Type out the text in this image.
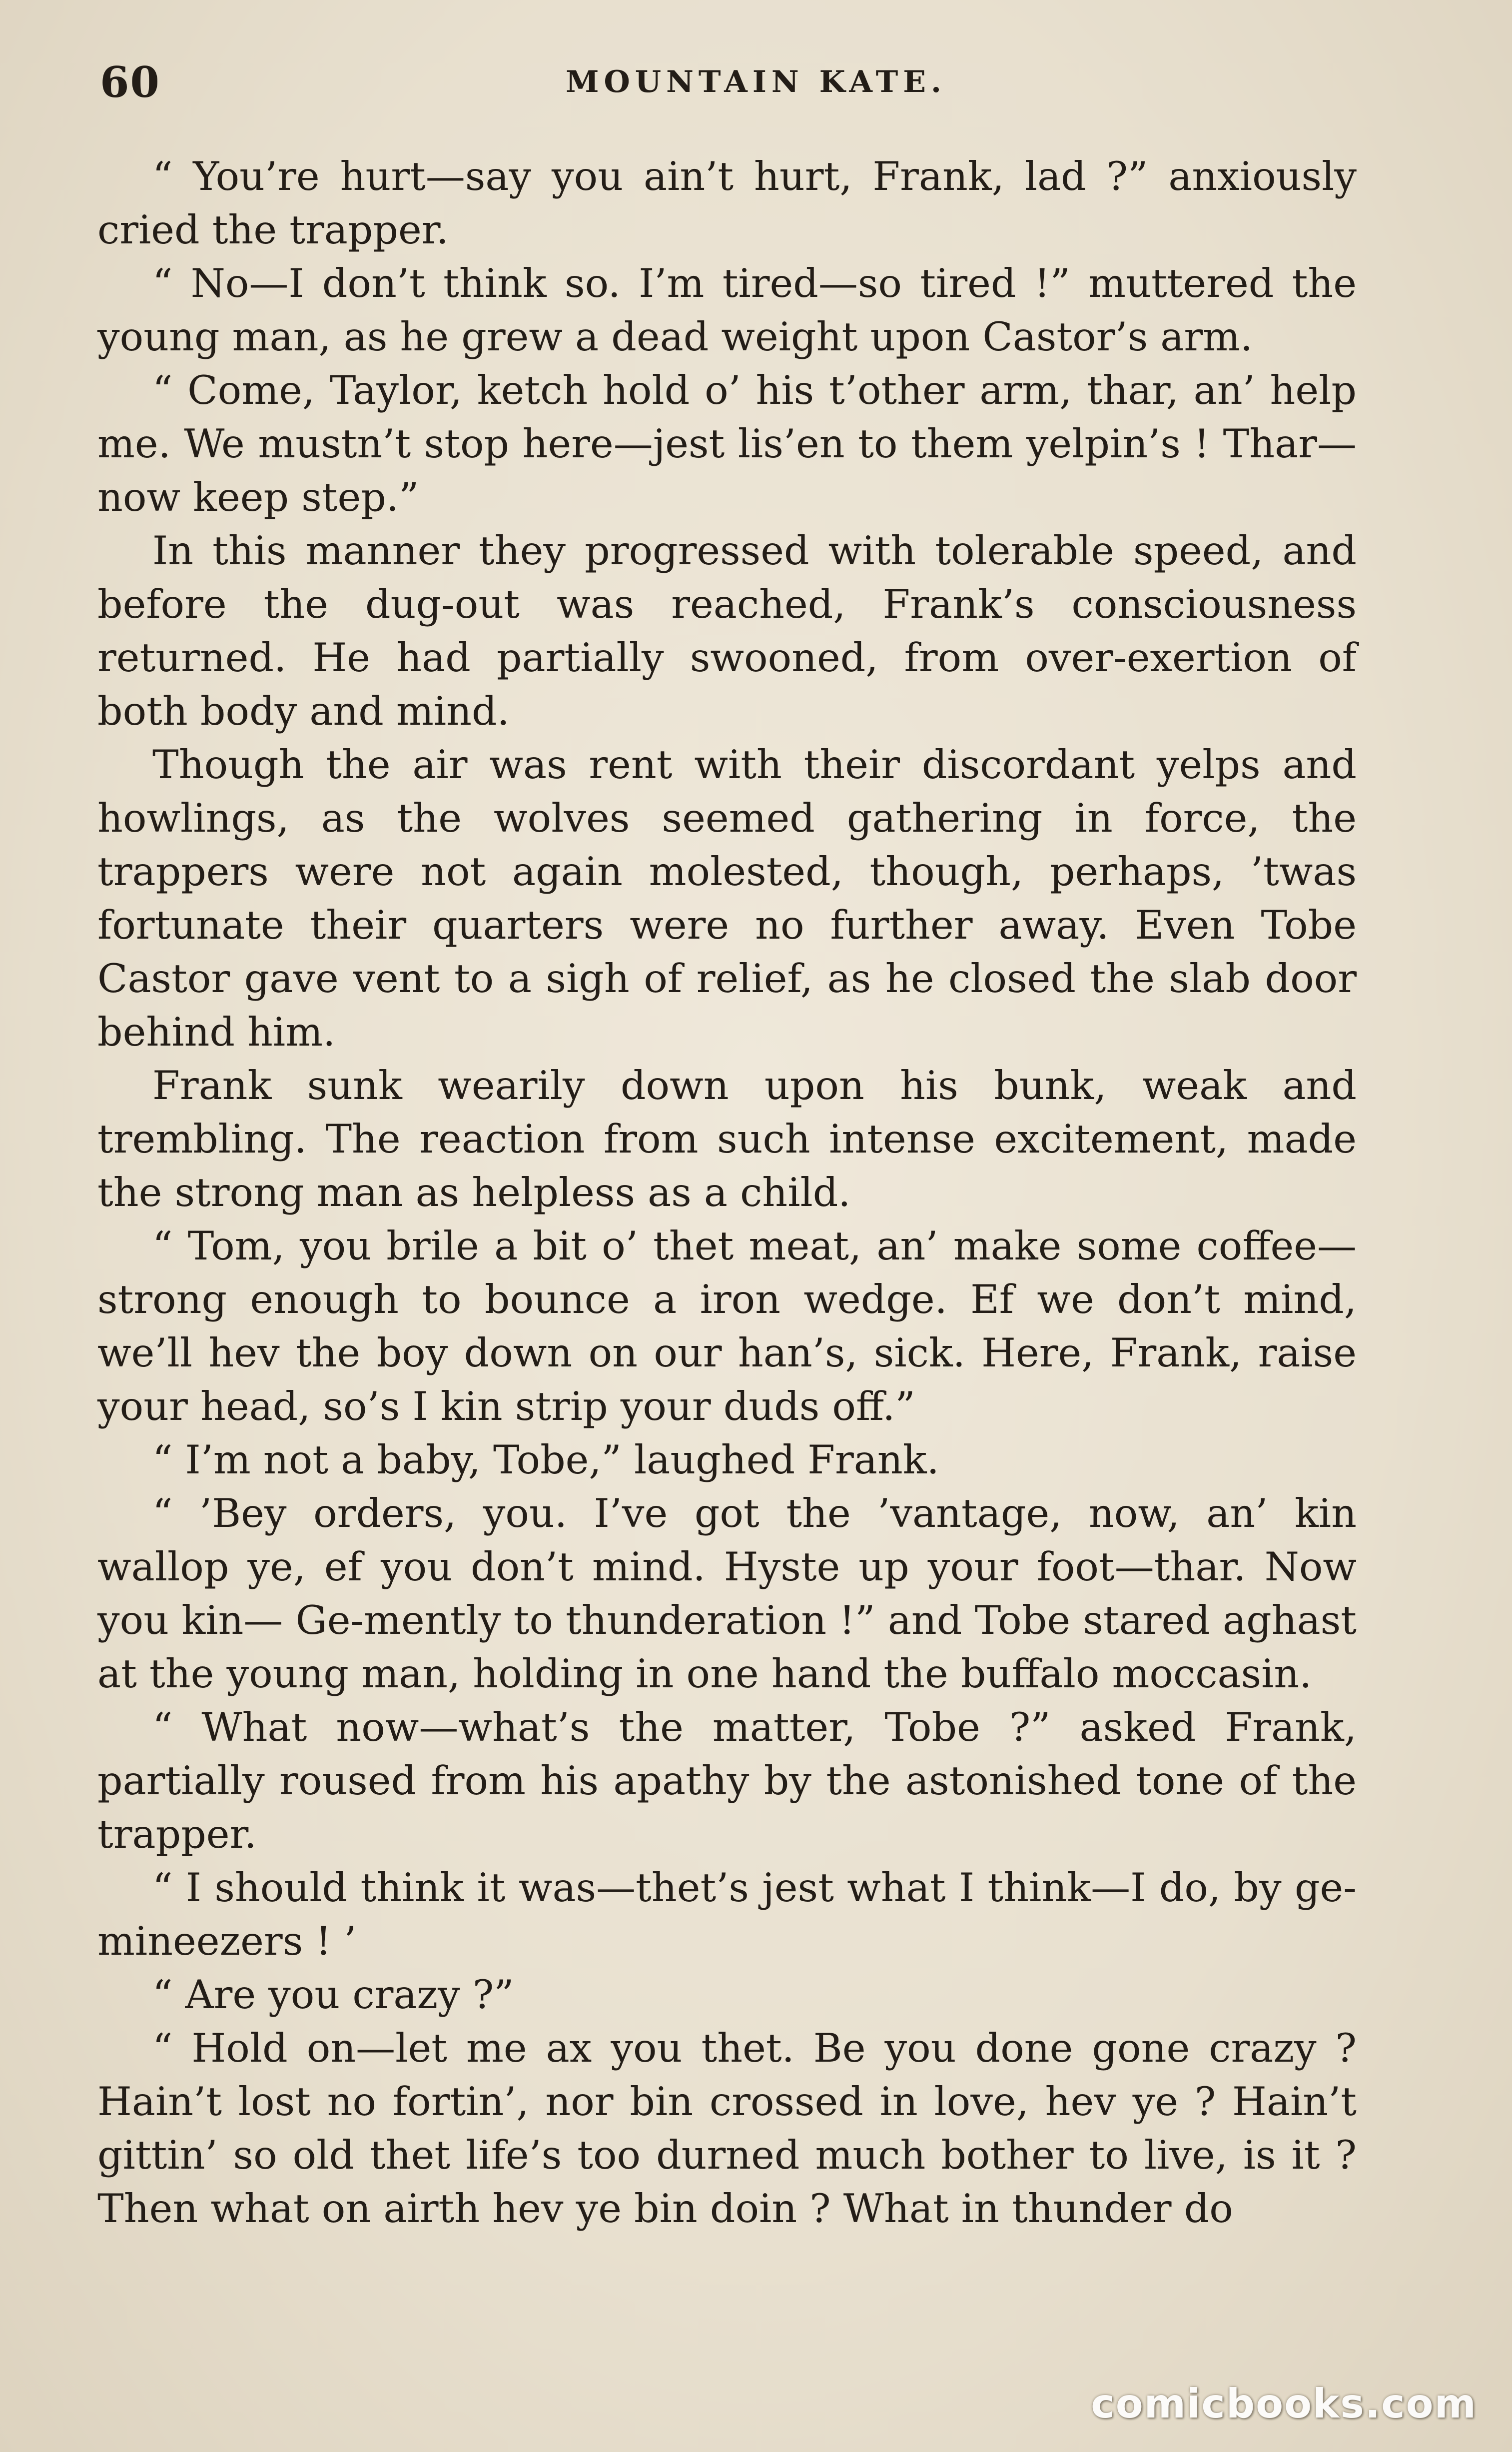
60	MOUNTAIN KATE.

“ You’re hurt—say you ain’t hurt, Frank, lad ?” anxiously cried the trapper.

“ No—I don’t think so. I’m tired—so tired !” muttered the young man, as he grew a dead weight upon Castor’s arm.

“ Come, Taylor, ketch hold o’ his t’other arm, thar, an’ help me. We mustn’t stop here—jest lis’en to them yelpin’s ! Thar—now keep step.”

In this manner they progressed with tolerable speed, and before the dug-out was reached, Frank’s consciousness returned. He had partially swooned, from over-exertion of both body and mind.

Though the air was rent with their discordant yelps and howlings, as the wolves seemed gathering in force, the trappers were not again molested, though, perhaps, ’twas fortunate their quarters were no further away. Even Tobe Castor gave vent to a sigh of relief, as he closed the slab door behind him.

Frank sunk wearily down upon his bunk, weak and trembling. The reaction from such intense excitement, made the strong man as helpless as a child.

“ Tom, you brile a bit o’ thet meat, an’ make some coffee—strong enough to bounce a iron wedge. Ef we don’t mind, we’ll hev the boy down on our han’s, sick. Here, Frank, raise your head, so’s I kin strip your duds off.”

“ I’m not a baby, Tobe,” laughed Frank.

“ ’Bey orders, you. I’ve got the ’vantage, now, an’ kin wallop ye, ef you don’t mind. Hyste up your foot—thar. Now you kin— Ge-mently to thunderation !” and Tobe stared aghast at the young man, holding in one hand the buffalo moccasin.

“ What now—what’s the matter, Tobe ?” asked Frank, partially roused from his apathy by the astonished tone of the trapper.

“ I should think it was—thet’s jest what I think—I do, by ge-mineezers ! ’

“ Are you crazy ?”

“ Hold on—let me ax you thet. Be you done gone crazy ? Hain’t lost no fortin’, nor bin crossed in love, hev ye ? Hain’t gittin’ so old thet life’s too durned much bother to live, is it ? Then what on airth hev ye bin doin ? What in thunder do

comicbooks.com
